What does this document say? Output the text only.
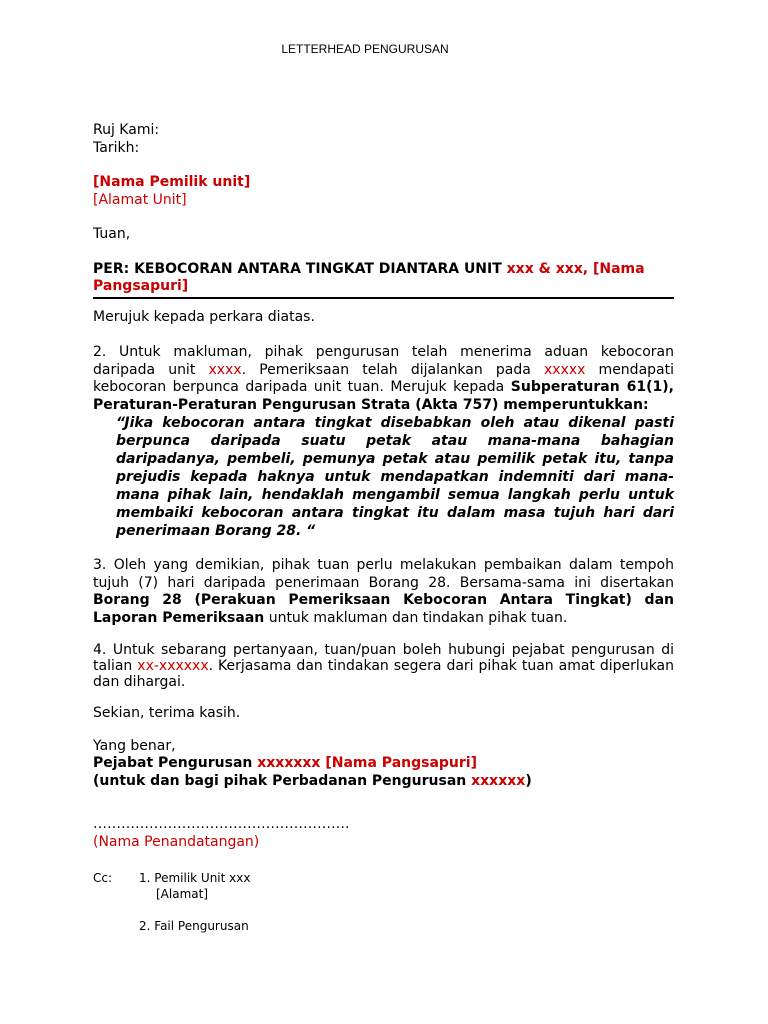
LETTERHEAD PENGURUSAN

Ruj Kami:

Tarikh:

[Nama Pemilik unit]

[Alamat Unit]

Tuan,

PER: KEBOCORAN ANTARA TINGKAT DIANTARA UNIT xxx & xxx, [Nama Pangsapuri]

Merujuk kepada perkara diatas.

2. Untuk makluman, pihak pengurusan telah menerima aduan kebocoran daripada unit xxxx. Pemeriksaan telah dijalankan pada xxxxx mendapati kebocoran berpunca daripada unit tuan. Merujuk kepada Subperaturan 61(1), Peraturan-Peraturan Pengurusan Strata (Akta 757) memperuntukkan:

“Jika kebocoran antara tingkat disebabkan oleh atau dikenal pasti berpunca daripada suatu petak atau mana-mana bahagian daripadanya, pembeli, pemunya petak atau pemilik petak itu, tanpa prejudis kepada haknya untuk mendapatkan indemniti dari mana-mana pihak lain, hendaklah mengambil semua langkah perlu untuk membaiki kebocoran antara tingkat itu dalam masa tujuh hari dari penerimaan Borang 28. “

3. Oleh yang demikian, pihak tuan perlu melakukan pembaikan dalam tempoh tujuh (7) hari daripada penerimaan Borang 28. Bersama-sama ini disertakan Borang 28 (Perakuan Pemeriksaan Kebocoran Antara Tingkat) dan Laporan Pemeriksaan untuk makluman dan tindakan pihak tuan.

4. Untuk sebarang pertanyaan, tuan/puan boleh hubungi pejabat pengurusan di talian xx-xxxxxx. Kerjasama dan tindakan segera dari pihak tuan amat diperlukan dan dihargai.

Sekian, terima kasih.

Yang benar,

Pejabat Pengurusan xxxxxxx [Nama Pangsapuri]

(untuk dan bagi pihak Perbadanan Pengurusan xxxxxx)

……………………………………………….

(Nama Penandatangan)

Cc:	1. Pemilik Unit xxx
[Alamat]
2. Fail Pengurusan
